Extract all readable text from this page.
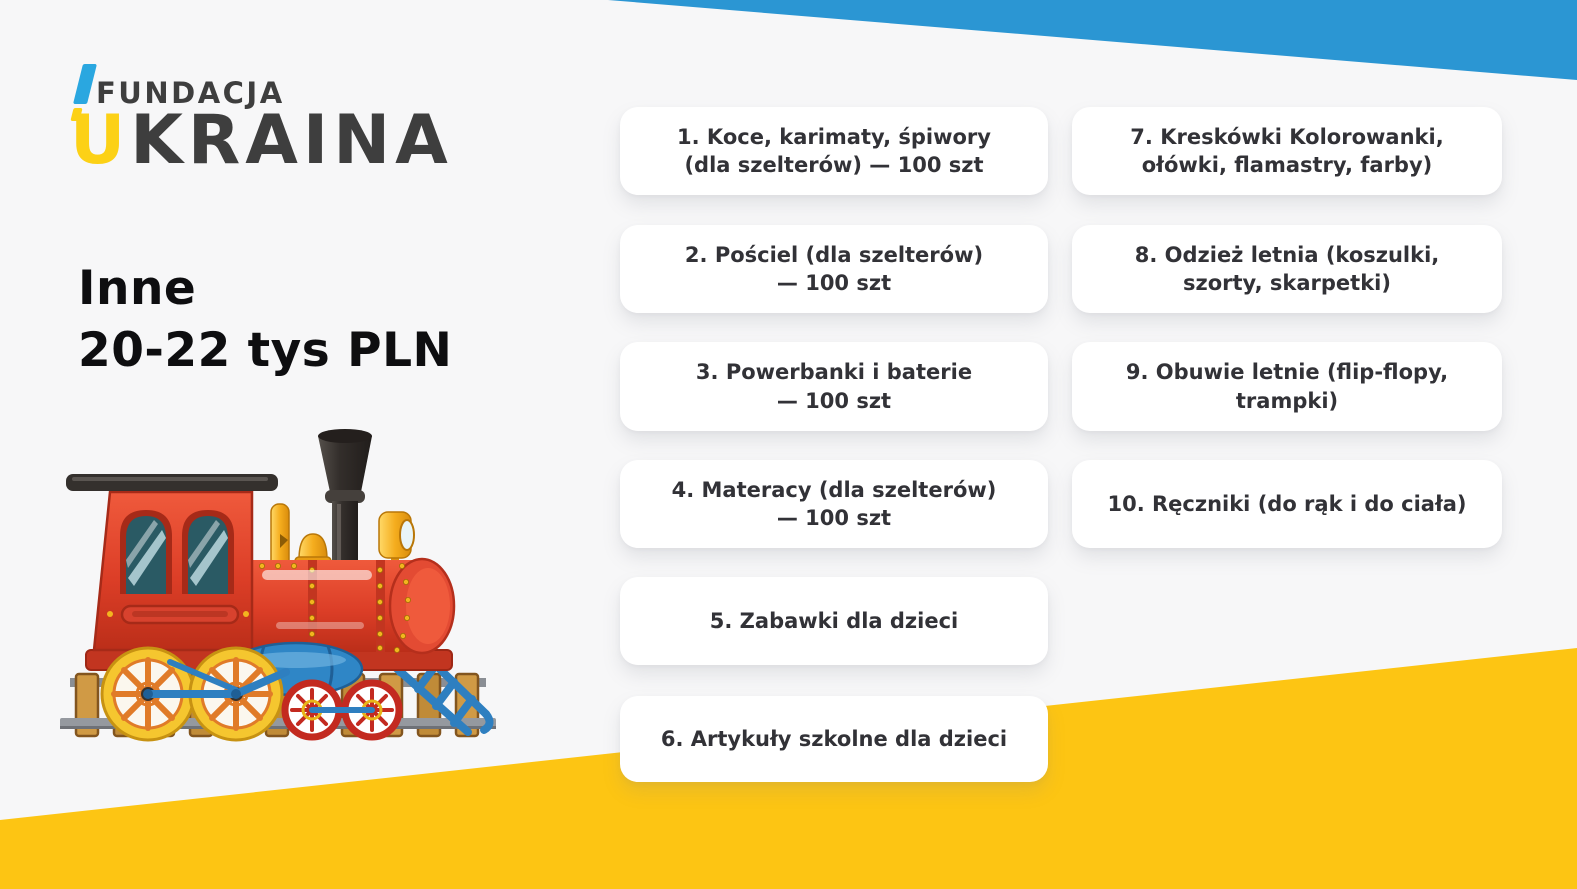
FUNDACJA
UKRAINA
Inne
20-22 tys PLN
1. Koce, karimaty, śpiwory
(dla szelterów) — 100 szt
2. Pościel (dla szelterów)
— 100 szt
3. Powerbanki i baterie
— 100 szt
4. Materacy (dla szelterów)
— 100 szt
5. Zabawki dla dzieci
6. Artykuły szkolne dla dzieci
7. Kreskówki Kolorowanki,
ołówki, flamastry, farby)
8. Odzież letnia (koszulki,
szorty, skarpetki)
9. Obuwie letnie (flip-flopy,
trampki)
10. Ręczniki (do rąk i do ciała)
